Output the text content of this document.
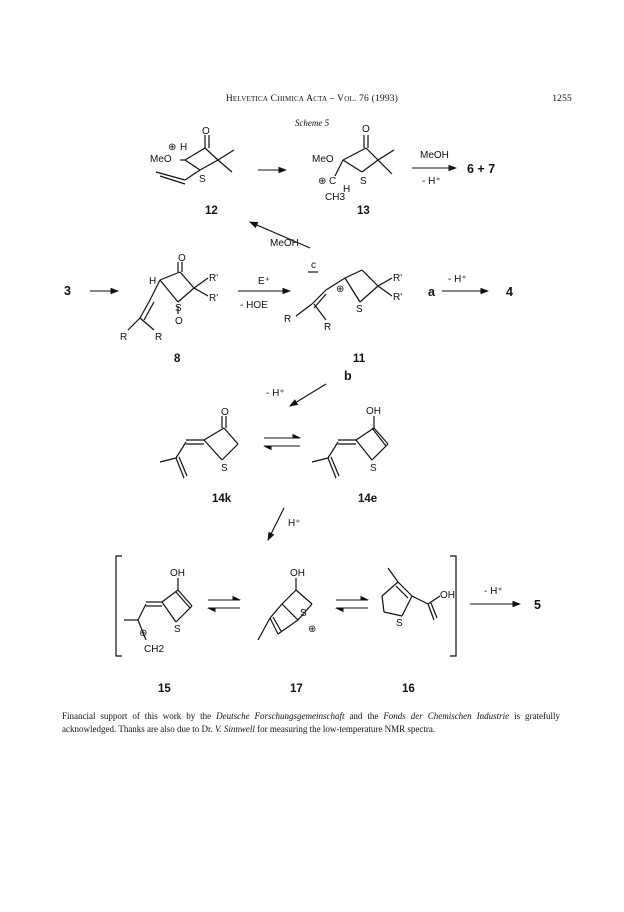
Helvetica Chimica Acta – Vol. 76 (1993)	1255
Scheme 5
MeO
⊕ H
O
S
12
MeO
O
S
⊕ C
H
CH3
13
MeOH
- H⁺
6 + 7
MeOH
3
H
O
S
O
R'
R'
R	R
8
E⁺
- HOE
c
⊕
S
R'
R'
R
R
11
a
- H⁺
4
b
- H⁺
O
S
14k
OH
S
14e
H⁺
OH
S
⊕
CH2
15
OH
S
⊕
17
S
OH
16
- H⁺
5
Financial support of this work by the Deutsche Forschungsgemeinschaft and the Fonds der Chemischen Industrie is gratefully acknowledged. Thanks are also due to Dr. V. Sinnwell for measuring the low-temperature NMR spectra.
